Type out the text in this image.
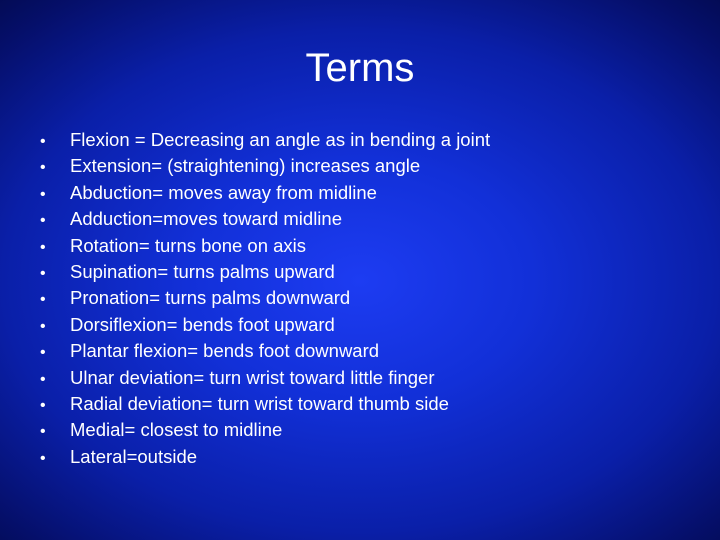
Terms
•	Flexion = Decreasing an angle as in bending a joint
•	Extension= (straightening) increases angle
•	Abduction= moves away from midline
•	Adduction=moves toward midline
•	Rotation= turns bone on axis
•	Supination= turns palms upward
•	Pronation= turns palms downward
•	Dorsiflexion= bends foot upward
•	Plantar flexion= bends foot downward
•	Ulnar deviation= turn wrist toward little finger
•	Radial deviation= turn wrist toward thumb side
•	Medial= closest to midline
•	Lateral=outside
